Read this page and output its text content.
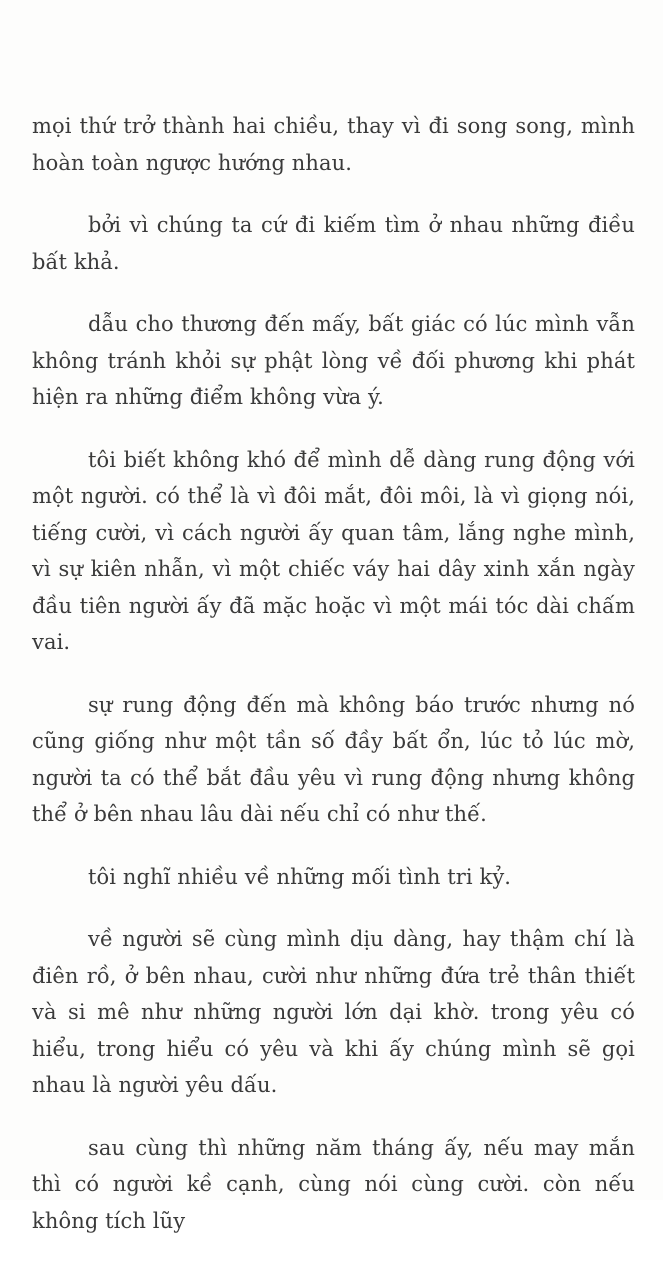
mọi thứ trở thành hai chiều, thay vì đi song song, mình hoàn toàn ngược hướng nhau.

bởi vì chúng ta cứ đi kiếm tìm ở nhau những điều bất khả.

dẫu cho thương đến mấy, bất giác có lúc mình vẫn không tránh khỏi sự phật lòng về đối phương khi phát hiện ra những điểm không vừa ý.

tôi biết không khó để mình dễ dàng rung động với một người. có thể là vì đôi mắt, đôi môi, là vì giọng nói, tiếng cười, vì cách người ấy quan tâm, lắng nghe mình, vì sự kiên nhẫn, vì một chiếc váy hai dây xinh xắn ngày đầu tiên người ấy đã mặc hoặc vì một mái tóc dài chấm vai.

sự rung động đến mà không báo trước nhưng nó cũng giống như một tần số đầy bất ổn, lúc tỏ lúc mờ, người ta có thể bắt đầu yêu vì rung động nhưng không thể ở bên nhau lâu dài nếu chỉ có như thế.

tôi nghĩ nhiều về những mối tình tri kỷ.

về người sẽ cùng mình dịu dàng, hay thậm chí là điên rồ, ở bên nhau, cười như những đứa trẻ thân thiết và si mê như những người lớn dại khờ. trong yêu có hiểu, trong hiểu có yêu và khi ấy chúng mình sẽ gọi nhau là người yêu dấu.

sau cùng thì những năm tháng ấy, nếu may mắn thì có người kề cạnh, cùng nói cùng cười. còn nếu không tích lũy
